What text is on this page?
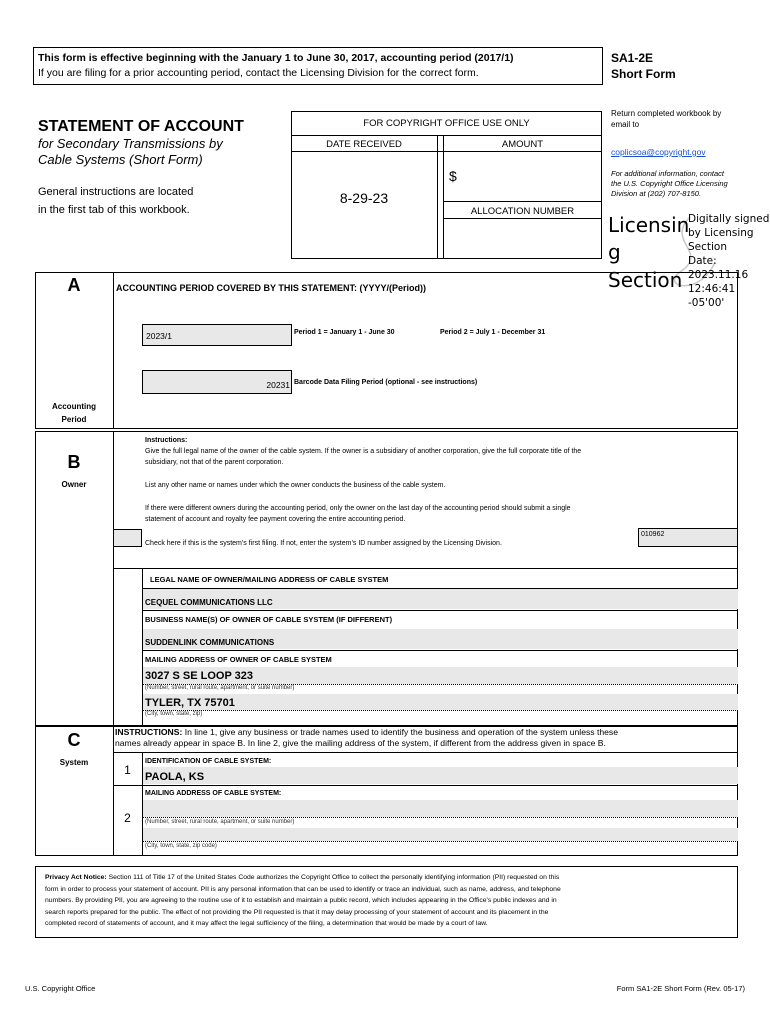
This form is effective beginning with the January 1 to June 30, 2017, accounting period (2017/1)
If you are filing for a prior accounting period, contact the Licensing Division for the correct form.
SA1-2E
Short Form
STATEMENT OF ACCOUNT
for Secondary Transmissions by
Cable Systems (Short Form)
General instructions are located
in the first tab of this workbook.
FOR COPYRIGHT OFFICE USE ONLY
DATE RECEIVED	AMOUNT
8-29-23
$
ALLOCATION NUMBER
Return completed workbook by email to
coplicsoa@copyright.gov
For additional information, contact the U.S. Copyright Office Licensing Division at (202) 707-8150.
Licensin
g
Section
Digitally signed
by Licensing
Section
Date:
2023.11.16
12:46:41 -05'00'
A
Accounting
Period
ACCOUNTING PERIOD COVERED BY THIS STATEMENT: (YYYY/(Period))
2023/1	Period 1 = January 1 - June 30	Period 2 = July 1 - December 31
20231 Barcode Data Filing Period (optional - see instructions)
B
Owner
Instructions:
Give the full legal name of the owner of the cable system. If the owner is a subsidiary of another corporation, give the full corporate title of the
subsidiary, not that of the parent corporation.
List any other name or names under which the owner conducts the business of the cable system.
If there were different owners during the accounting period, only the owner on the last day of the accounting period should submit a single
statement of account and royalty fee payment covering the entire accounting period.
Check here if this is the system’s first filing. If not, enter the system’s ID number assigned by the Licensing Division.
010962
LEGAL NAME OF OWNER/MAILING ADDRESS OF CABLE SYSTEM
CEQUEL COMMUNICATIONS LLC
BUSINESS NAME(S) OF OWNER OF CABLE SYSTEM (IF DIFFERENT)
SUDDENLINK COMMUNICATIONS
MAILING ADDRESS OF OWNER OF CABLE SYSTEM
3027 S SE LOOP 323
(Number, street, rural route, apartment, or suite number)
TYLER, TX 75701
(City, town, state, zip)
C
System
INSTRUCTIONS: In line 1, give any business or trade names used to identify the business and operation of the system unless these
names already appear in space B. In line 2, give the mailing address of the system, if different from the address given in space B.
1
IDENTIFICATION OF CABLE SYSTEM:
PAOLA, KS
MAILING ADDRESS OF CABLE SYSTEM:
2	(Number, street, rural route, apartment, or suite number)
(City, town, state, zip code)
Privacy Act Notice: Section 111 of Title 17 of the United States Code authorizes the Copyright Office to collect the personally identifying information (PII) requested on this
form in order to process your statement of account. PII is any personal information that can be used to identify or trace an individual, such as name, address, and telephone
numbers. By providing PII, you are agreeing to the routine use of it to establish and maintain a public record, which includes appearing in the Office's public indexes and in
search reports prepared for the public. The effect of not providing the PII requested is that it may delay processing of your statement of account and its placement in the
completed record of statements of account, and it may affect the legal sufficiency of the filing, a determination that would be made by a court of law.
U.S. Copyright Office	Form SA1-2E Short Form (Rev. 05-17)
